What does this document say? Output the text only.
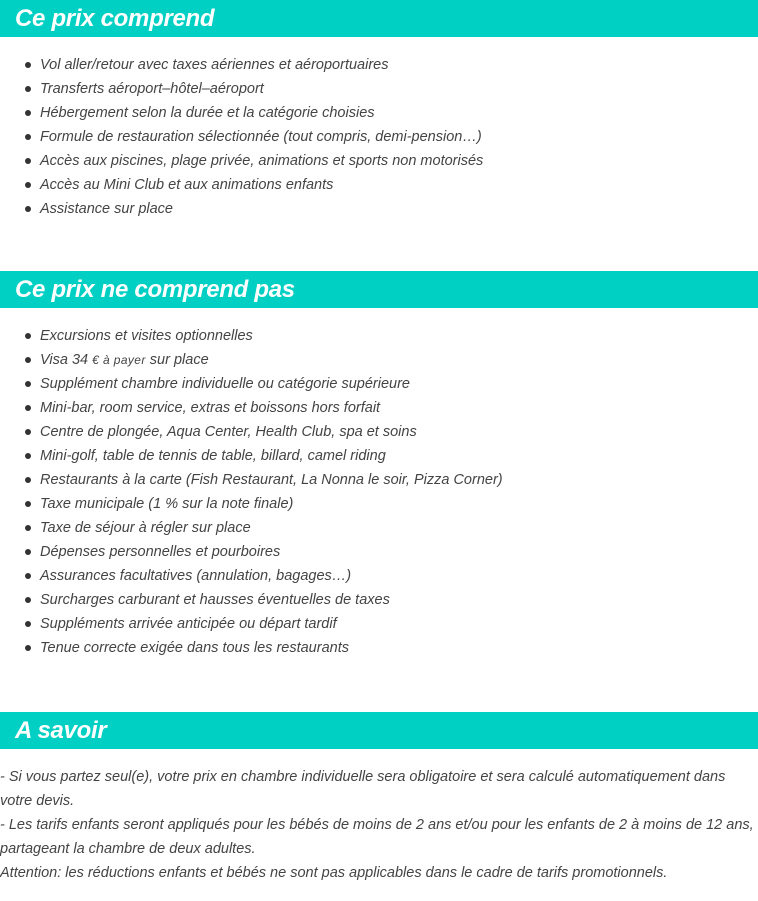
Ce prix comprend
Vol aller/retour avec taxes aériennes et aéroportuaires
Transferts aéroport–hôtel–aéroport
Hébergement selon la durée et la catégorie choisies
Formule de restauration sélectionnée (tout compris, demi-pension…)
Accès aux piscines, plage privée, animations et sports non motorisés
Accès au Mini Club et aux animations enfants
Assistance sur place
Ce prix ne comprend pas
Excursions et visites optionnelles
Visa 34 € à payer sur place
Supplément chambre individuelle ou catégorie supérieure
Mini-bar, room service, extras et boissons hors forfait
Centre de plongée, Aqua Center, Health Club, spa et soins
Mini-golf, table de tennis de table, billard, camel riding
Restaurants à la carte (Fish Restaurant, La Nonna le soir, Pizza Corner)
Taxe municipale (1 % sur la note finale)
Taxe de séjour à régler sur place
Dépenses personnelles et pourboires
Assurances facultatives (annulation, bagages…)
Surcharges carburant et hausses éventuelles de taxes
Suppléments arrivée anticipée ou départ tardif
Tenue correcte exigée dans tous les restaurants
A savoir

- Si vous partez seul(e), votre prix en chambre individuelle sera obligatoire et sera calculé automatiquement dans votre devis.

- Les tarifs enfants seront appliqués pour les bébés de moins de 2 ans et/ou pour les enfants de 2 à moins de 12 ans, partageant la chambre de deux adultes.

Attention: les réductions enfants et bébés ne sont pas applicables dans le cadre de tarifs promotionnels.
